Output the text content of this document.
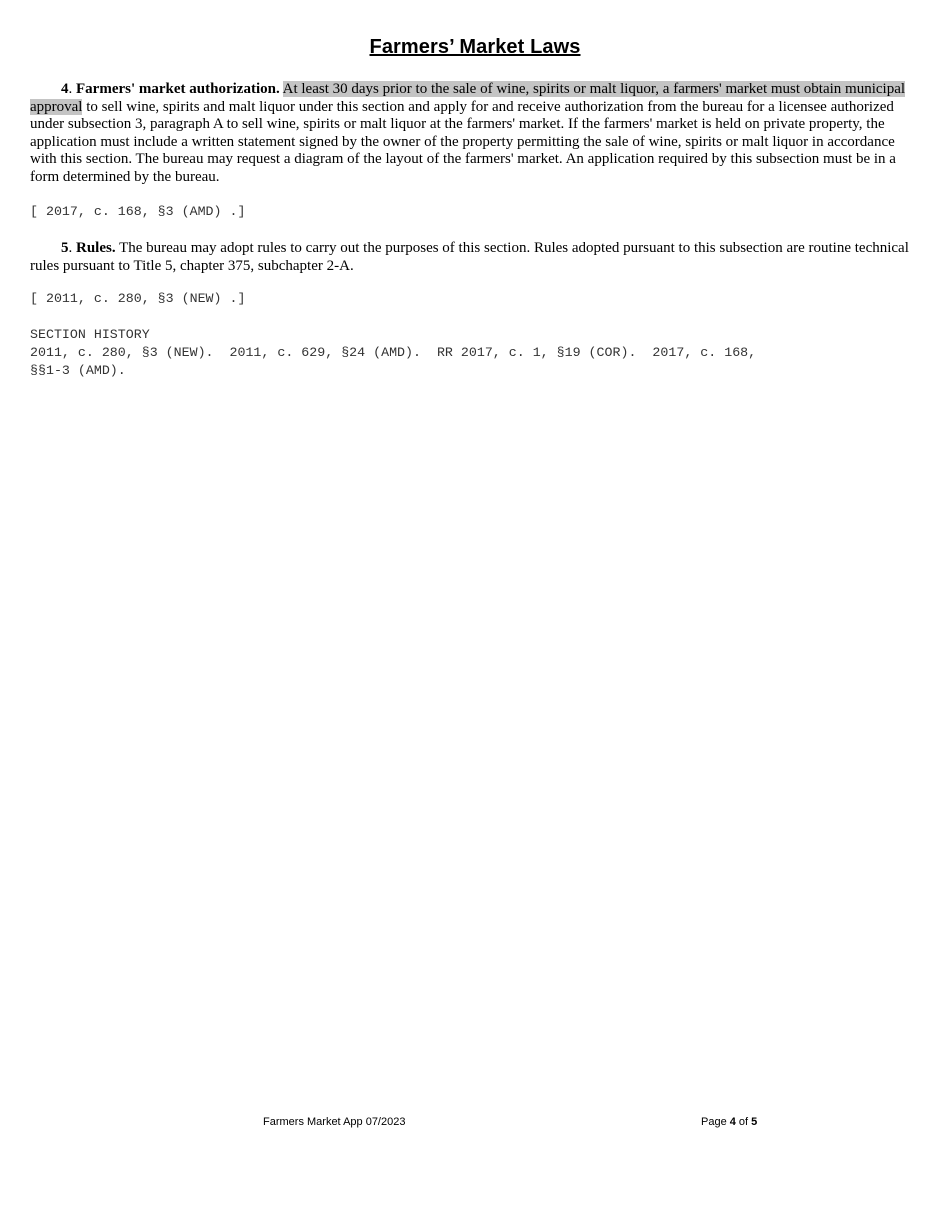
Farmers’ Market Laws

4. Farmers' market authorization. At least 30 days prior to the sale of wine, spirits or malt liquor, a farmers' market must obtain municipal approval to sell wine, spirits and malt liquor under this section and apply for and receive authorization from the bureau for a licensee authorized under subsection 3, paragraph A to sell wine, spirits or malt liquor at the farmers' market. If the farmers' market is held on private property, the application must include a written statement signed by the owner of the property permitting the sale of wine, spirits or malt liquor in accordance with this section. The bureau may request a diagram of the layout of the farmers' market. An application required by this subsection must be in a form determined by the bureau.

[ 2017, c. 168, §3 (AMD) .]

5. Rules. The bureau may adopt rules to carry out the purposes of this section. Rules adopted pursuant to this subsection are routine technical rules pursuant to Title 5, chapter 375, subchapter 2-A.

[ 2011, c. 280, §3 (NEW) .]
SECTION HISTORY
2011, c. 280, §3 (NEW).  2011, c. 629, §24 (AMD).  RR 2017, c. 1, §19 (COR).  2017, c. 168,
§§1-3 (AMD).
Farmers Market App 07/2023	Page 4 of 5
